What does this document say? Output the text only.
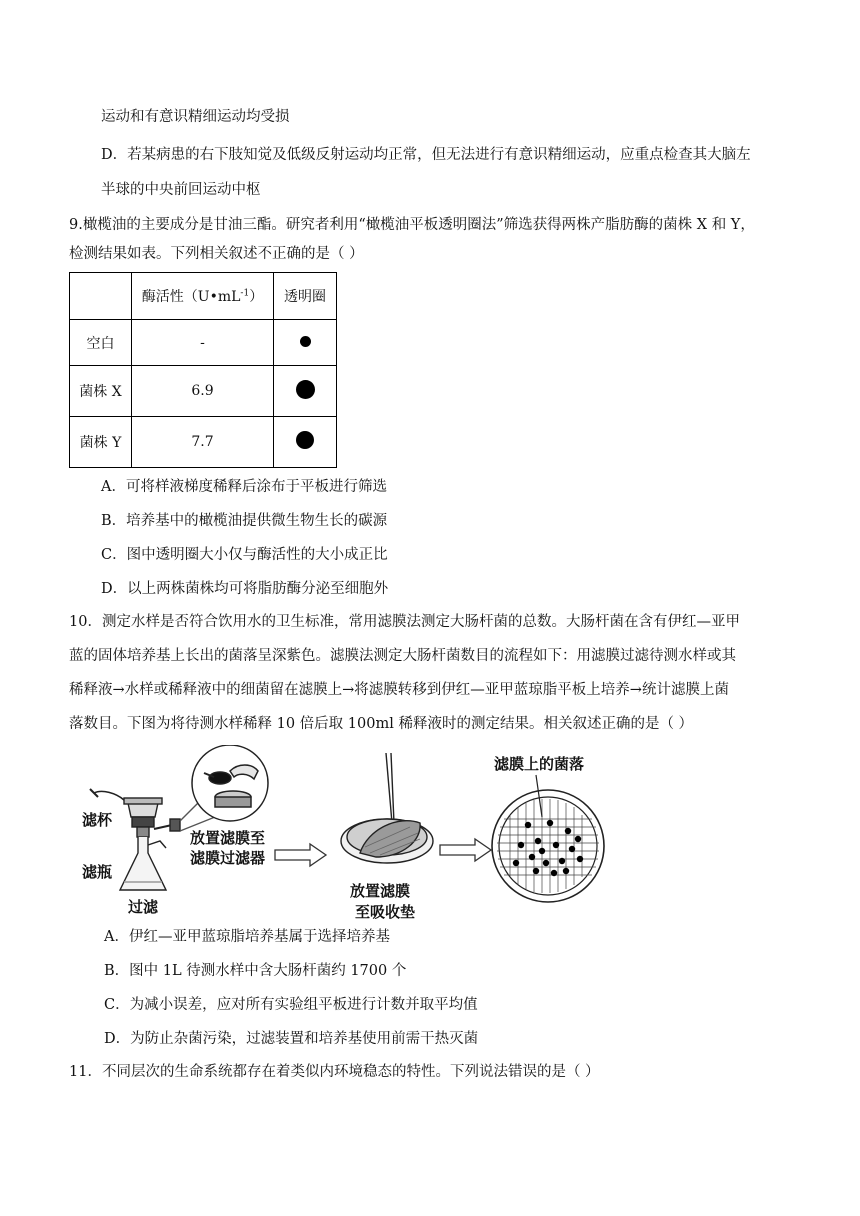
运动和有意识精细运动均受损
D．若某病患的右下肢知觉及低级反射运动均正常，但无法进行有意识精细运动，应重点检查其大脑左
半球的中央前回运动中枢
9.橄榄油的主要成分是甘油三酯。研究者利用“橄榄油平板透明圈法”筛选获得两株产脂肪酶的菌株 X 和 Y，
检测结果如表。下列相关叙述不正确的是（ ）
	酶活性$(U•mL^{-1})$	透明圈
空白	-	
菌株 X	6.9	
菌株 Y	7.7	
A．可将样液梯度稀释后涂布于平板进行筛选
B．培养基中的橄榄油提供微生物生长的碳源
C．图中透明圈大小仅与酶活性的大小成正比
D．以上两株菌株均可将脂肪酶分泌至细胞外
10．测定水样是否符合饮用水的卫生标准，常用滤膜法测定大肠杆菌的总数。大肠杆菌在含有伊红—亚甲
蓝的固体培养基上长出的菌落呈深紫色。滤膜法测定大肠杆菌数目的流程如下：用滤膜过滤待测水样或其
稀释液→水样或稀释液中的细菌留在滤膜上→将滤膜转移到伊红—亚甲蓝琼脂平板上培养→统计滤膜上菌
落数目。下图为将待测水样稀释 10 倍后取 100ml 稀释液时的测定结果。相关叙述正确的是（ ）
滤杯
滤瓶
过滤
放置滤膜至
滤膜过滤器
放置滤膜
至吸收垫
滤膜上的菌落
A．伊红—亚甲蓝琼脂培养基属于选择培养基
B．图中 1L 待测水样中含大肠杆菌约 1700 个
C．为减小误差，应对所有实验组平板进行计数并取平均值
D．为防止杂菌污染，过滤装置和培养基使用前需干热灭菌
11．不同层次的生命系统都存在着类似内环境稳态的特性。下列说法错误的是（ ）
